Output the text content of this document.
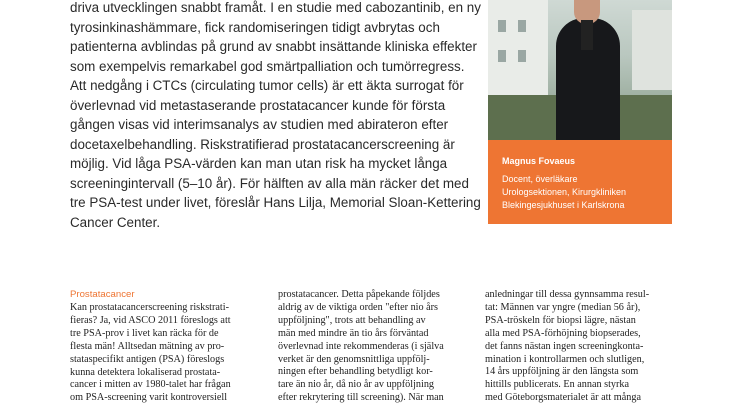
driva utvecklingen snabbt framåt. I en studie med cabozantinib, en ny
tyrosinkinashämmare, fick randomiseringen tidigt avbrytas och
patienterna avblindas på grund av snabbt insättande kliniska effekter
som exempelvis remarkabel god smärtpalliation och tumörregress.
Att nedgång i CTCs (circulating tumor cells) är ett äkta surrogat för
överlevnad vid metastaserande prostatacancer kunde för första
gången visas vid interimsanalys av studien med abirateron efter
docetaxelbehandling. Riskstratifierad prostatacancerscreening är
möjlig. Vid låga PSA-värden kan man utan risk ha mycket långa
screeningintervall (5–10 år). För hälften av alla män räcker det med
tre PSA-test under livet, föreslår Hans Lilja, Memorial Sloan-Kettering
Cancer Center.
Magnus Fovaeus
Docent, överläkare
Urologsektionen, Kirurgkliniken
Blekingesjukhuset i Karlskrona
Prostatacancer
Kan prostatacancerscreening riskstrati-
fieras? Ja, vid ASCO 2011 föreslogs att
tre PSA-prov i livet kan räcka för de
flesta män! Alltsedan mätning av pro-
stataspecifikt antigen (PSA) föreslogs
kunna detektera lokaliserad prostata-
cancer i mitten av 1980-talet har frågan
om PSA-screening varit kontroversiell
prostatacancer. Detta påpekande följdes
aldrig av de viktiga orden "efter nio års
uppföljning", trots att behandling av
män med mindre än tio års förväntad
överlevnad inte rekommenderas (i själva
verket är den genomsnittliga uppfölj-
ningen efter behandling betydligt kor-
tare än nio år, då nio år av uppföljning
efter rekrytering till screening). När man
anledningar till dessa gynnsamma resul-
tat: Männen var yngre (median 56 år),
PSA-tröskeln för biopsi lägre, nästan
alla med PSA-förhöjning biopserades,
det fanns nästan ingen screeningkonta-
mination i kontrollarmen och slutligen,
14 års uppföljning är den längsta som
hittills publicerats. En annan styrka
med Göteborgsmaterialet är att många
